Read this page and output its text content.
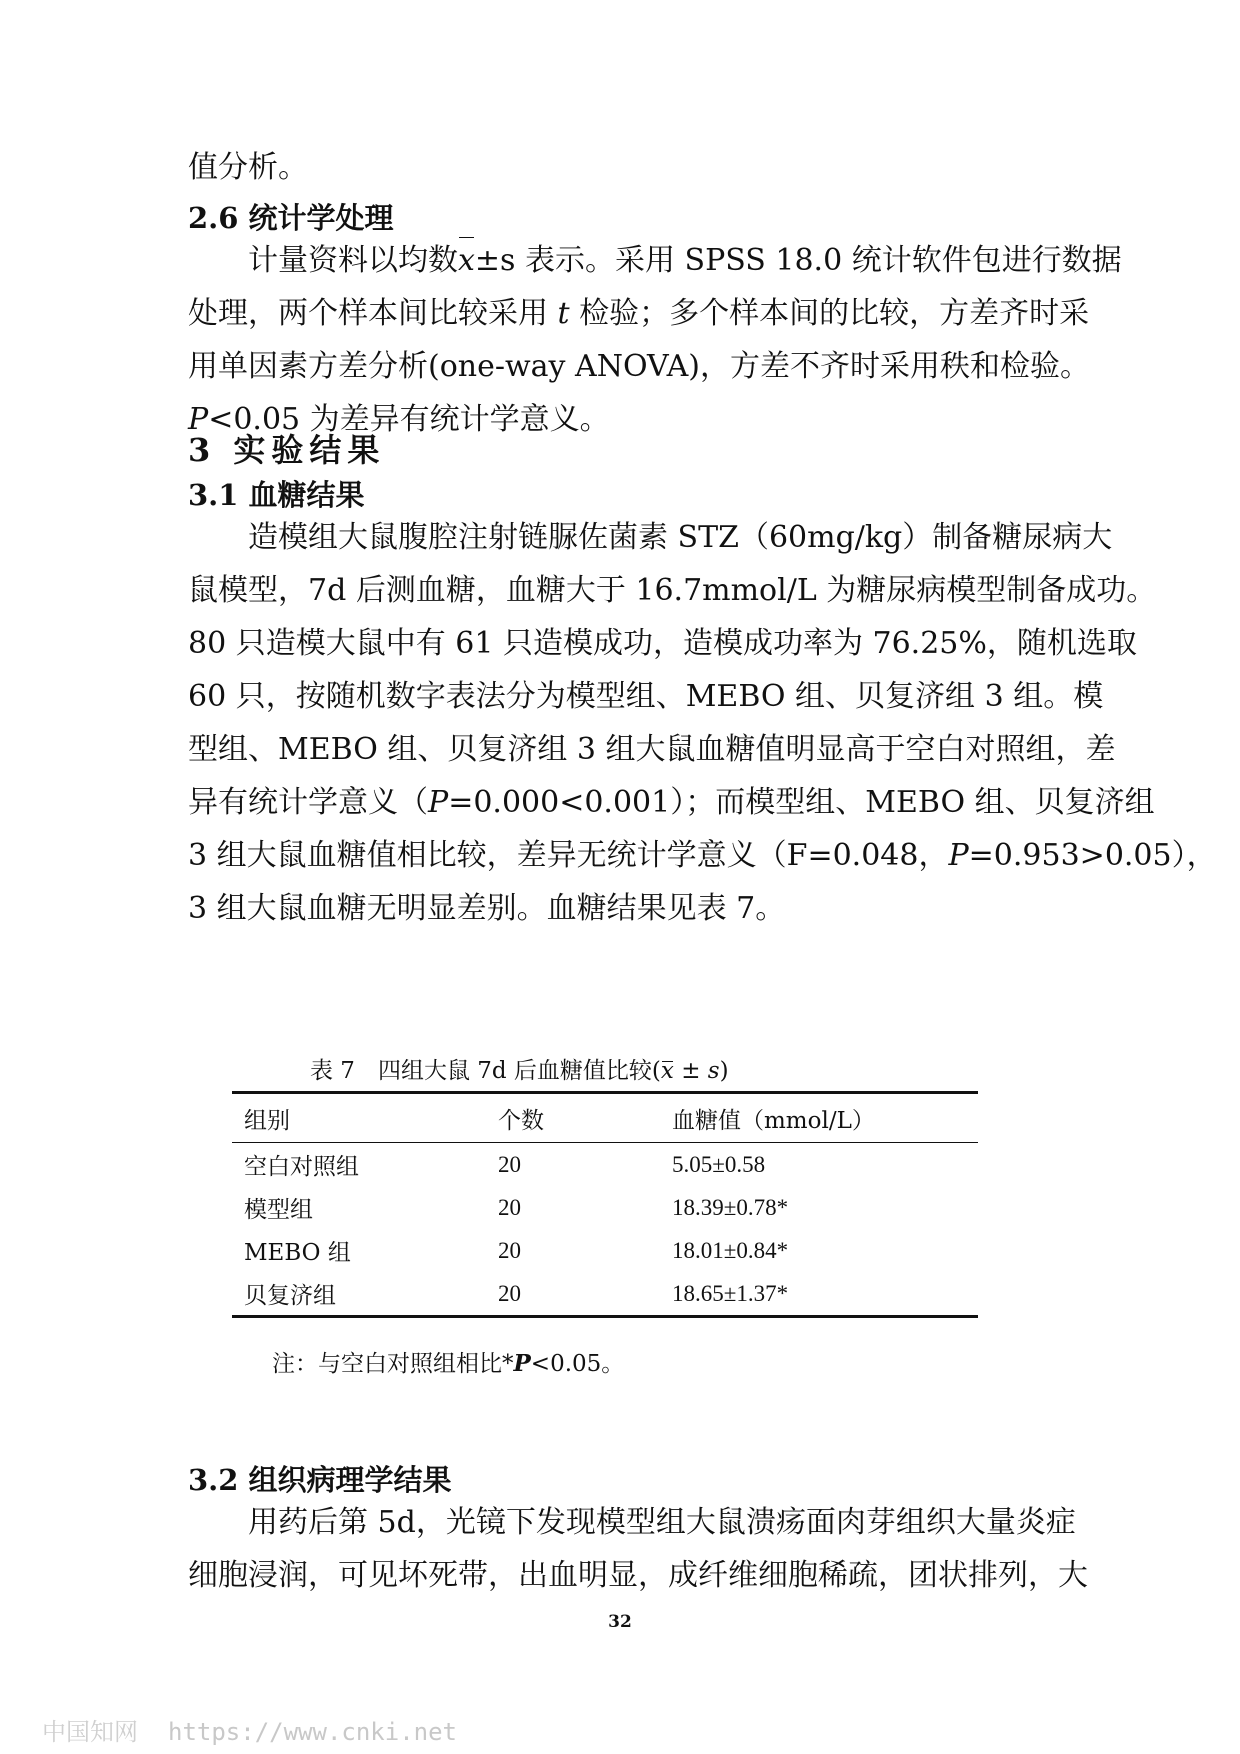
值分析。
2.6 统计学处理
计量资料以均数x±s 表示。采用 SPSS 18.0 统计软件包进行数据
处理，两个样本间比较采用 t 检验；多个样本间的比较，方差齐时采
用单因素方差分析(one-way ANOVA)，方差不齐时采用秩和检验。
P<0.05 为差异有统计学意义。
3 实验结果
3.1 血糖结果
造模组大鼠腹腔注射链脲佐菌素 STZ（60mg/kg）制备糖尿病大
鼠模型，7d 后测血糖，血糖大于 16.7mmol/L 为糖尿病模型制备成功。
80 只造模大鼠中有 61 只造模成功，造模成功率为 76.25%，随机选取
60 只，按随机数字表法分为模型组、MEBO 组、贝复济组 3 组。模
型组、MEBO 组、贝复济组 3 组大鼠血糖值明显高于空白对照组，差
异有统计学意义（P=0.000<0.001）；而模型组、MEBO 组、贝复济组
3 组大鼠血糖值相比较，差异无统计学意义（F=0.048，P=0.953>0.05），
3 组大鼠血糖无明显差别。血糖结果见表 7。
表 7　四组大鼠 7d 后血糖值比较(x ± s)
组别	个数	血糖值（mmol/L）
空白对照组	20	5.05±0.58
模型组	20	18.39±0.78*
MEBO 组	20	18.01±0.84*
贝复济组	20	18.65±1.37*
注：与空白对照组相比*P<0.05。
3.2 组织病理学结果
用药后第 5d，光镜下发现模型组大鼠溃疡面肉芽组织大量炎症
细胞浸润，可见坏死带，出血明显，成纤维细胞稀疏，团状排列，大
32
中国知网 https://www.cnki.net
